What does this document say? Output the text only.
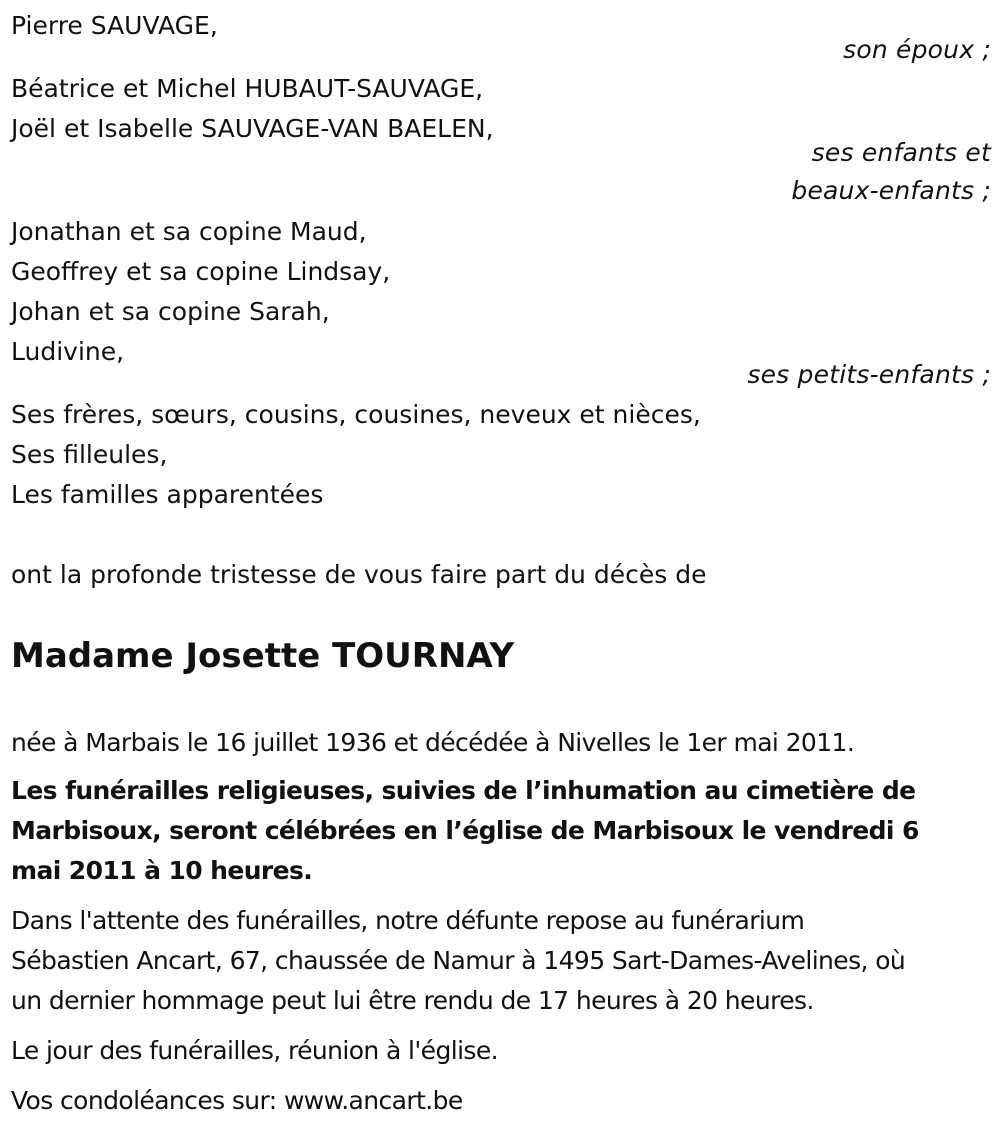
Pierre SAUVAGE,
son époux ;
Béatrice et Michel HUBAUT-SAUVAGE,
Joël et Isabelle SAUVAGE-VAN BAELEN,
ses enfants et
beaux-enfants ;
Jonathan et sa copine Maud,
Geoffrey et sa copine Lindsay,
Johan et sa copine Sarah,
Ludivine,
ses petits-enfants ;
Ses frères, sœurs, cousins, cousines, neveux et nièces,
Ses filleules,
Les familles apparentées
ont la profonde tristesse de vous faire part du décès de
Madame Josette TOURNAY
née à Marbais le 16 juillet 1936 et décédée à Nivelles le 1er mai 2011.
Les funérailles religieuses, suivies de l’inhumation au cimetière de Marbisoux, seront célébrées en l’église de Marbisoux le vendredi 6 mai 2011 à 10 heures.
Dans l'attente des funérailles, notre défunte repose au funérarium
Sébastien Ancart, 67, chaussée de Namur à 1495 Sart-Dames-Avelines, où
un dernier hommage peut lui être rendu de 17 heures à 20 heures.
Le jour des funérailles, réunion à l'église.
Vos condoléances sur: www.ancart.be
